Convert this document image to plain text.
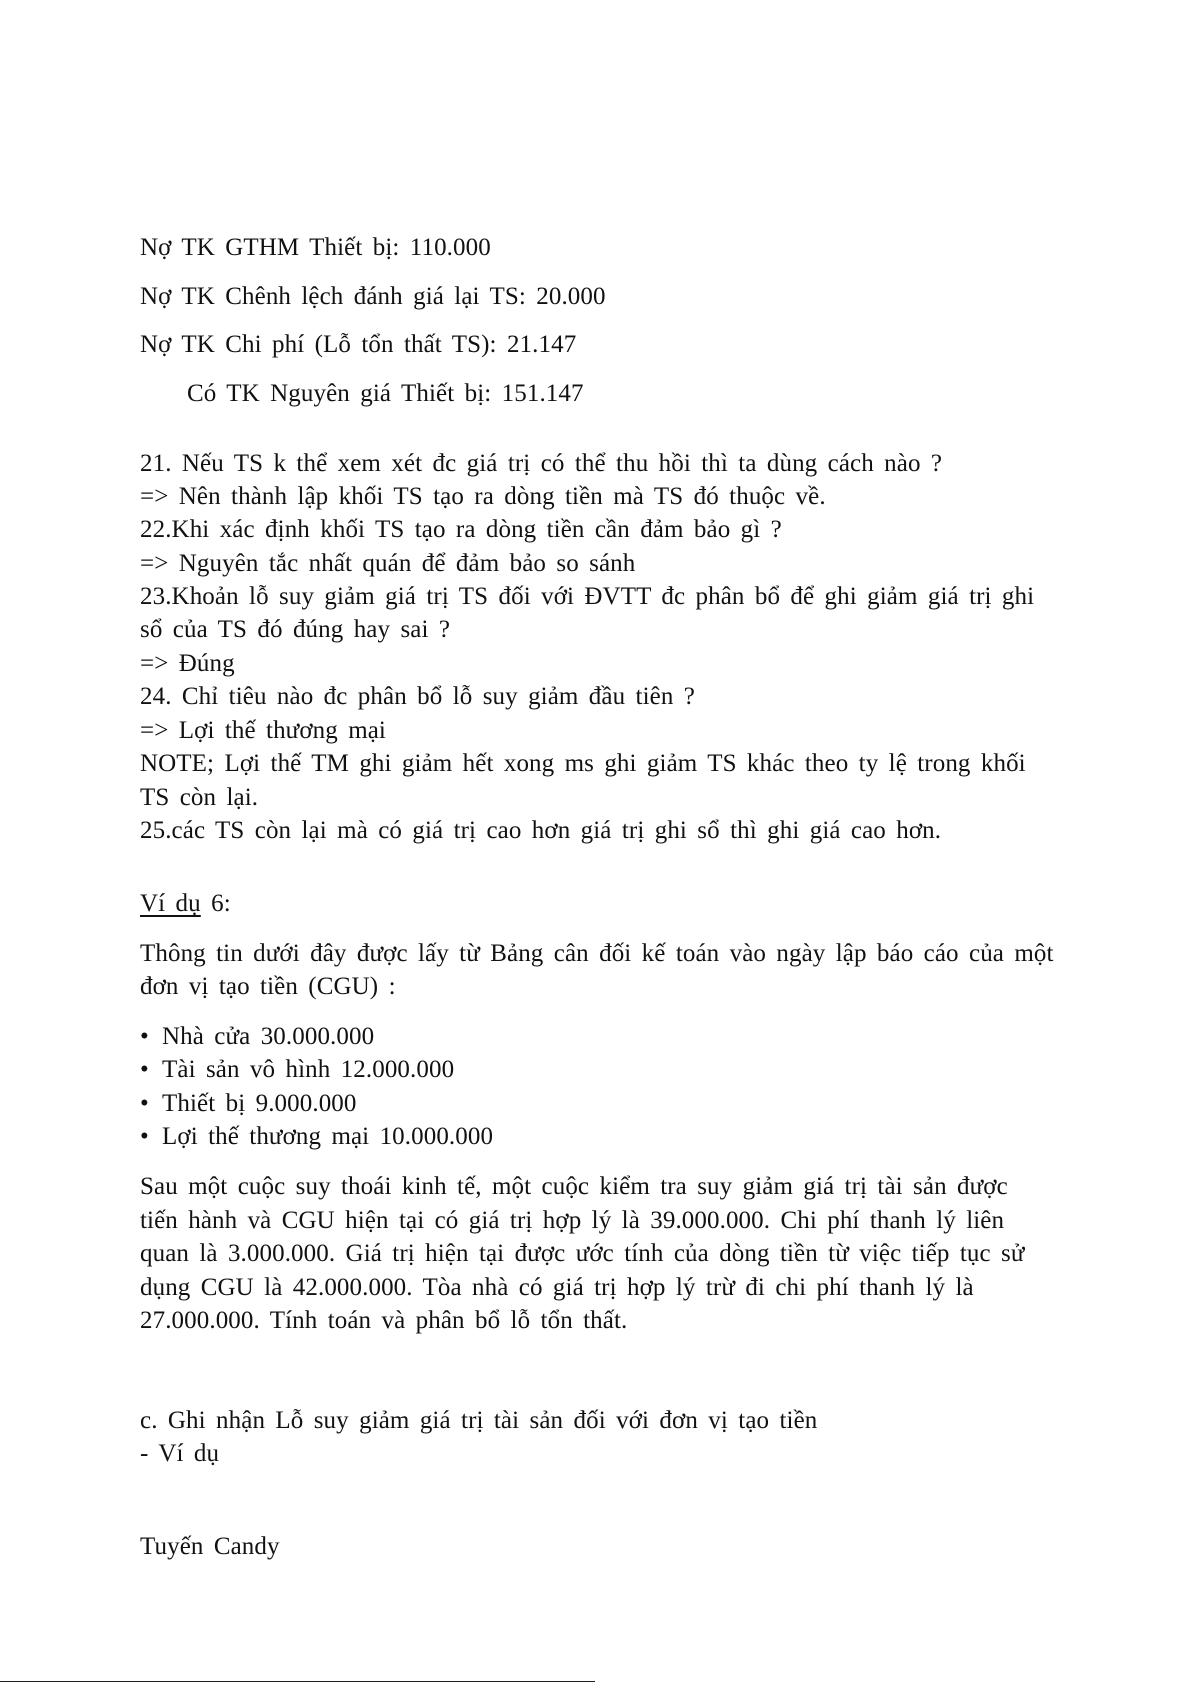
Nợ TK GTHM Thiết bị: 110.000

Nợ TK Chênh lệch đánh giá lại TS: 20.000

Nợ TK Chi phí (Lỗ tổn thất TS): 21.147

Có TK Nguyên giá Thiết bị: 151.147

21. Nếu TS k thể xem xét đc giá trị có thể thu hồi thì ta dùng cách nào ?

=> Nên thành lập khối TS tạo ra dòng tiền mà TS đó thuộc về.

22.Khi xác định khối TS tạo ra dòng tiền cần đảm bảo gì ?

=> Nguyên tắc nhất quán để đảm bảo so sánh

23.Khoản lỗ suy giảm giá trị TS đối với ĐVTT đc phân bổ để ghi giảm giá trị ghi

sổ của TS đó đúng hay sai ?

=> Đúng

24. Chỉ tiêu nào đc phân bổ lỗ suy giảm đầu tiên ?

=> Lợi thế thương mại

NOTE; Lợi thế TM ghi giảm hết xong ms ghi giảm TS khác theo ty lệ trong khối

TS còn lại.

25.các TS còn lại mà có giá trị cao hơn giá trị ghi sổ thì ghi giá cao hơn.

Ví dụ 6:

Thông tin dưới đây được lấy từ Bảng cân đối kế toán vào ngày lập báo cáo của một

đơn vị tạo tiền (CGU) :

• Nhà cửa 30.000.000

• Tài sản vô hình 12.000.000

• Thiết bị 9.000.000

• Lợi thế thương mại 10.000.000

Sau một cuộc suy thoái kinh tế, một cuộc kiểm tra suy giảm giá trị tài sản được

tiến hành và CGU hiện tại có giá trị hợp lý là 39.000.000. Chi phí thanh lý liên

quan là 3.000.000. Giá trị hiện tại được ước tính của dòng tiền từ việc tiếp tục sử

dụng CGU là 42.000.000. Tòa nhà có giá trị hợp lý trừ đi chi phí thanh lý là

27.000.000. Tính toán và phân bổ lỗ tổn thất.

c. Ghi nhận Lỗ suy giảm giá trị tài sản đối với đơn vị tạo tiền

- Ví dụ

Tuyến Candy
